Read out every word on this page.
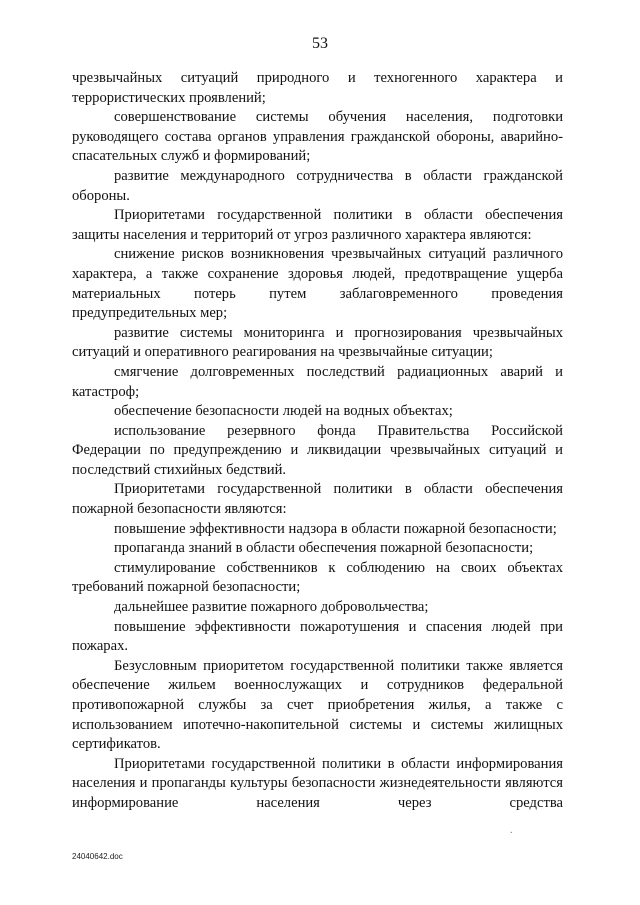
53

чрезвычайных ситуаций природного и техногенного характера и террористических проявлений;

совершенствование системы обучения населения, подготовки руководящего состава органов управления гражданской обороны, аварийно-спасательных служб и формирований;

развитие международного сотрудничества в области гражданской обороны.

Приоритетами государственной политики в области обеспечения защиты населения и территорий от угроз различного характера являются:

снижение рисков возникновения чрезвычайных ситуаций различного характера, а также сохранение здоровья людей, предотвращение ущерба материальных потерь путем заблаговременного проведения предупредительных мер;

развитие системы мониторинга и прогнозирования чрезвычайных ситуаций и оперативного реагирования на чрезвычайные ситуации;

смягчение долговременных последствий радиационных аварий и катастроф;

обеспечение безопасности людей на водных объектах;

использование резервного фонда Правительства Российской Федерации по предупреждению и ликвидации чрезвычайных ситуаций и последствий стихийных бедствий.

Приоритетами государственной политики в области обеспечения пожарной безопасности являются:

повышение эффективности надзора в области пожарной безопасности;

пропаганда знаний в области обеспечения пожарной безопасности;

стимулирование собственников к соблюдению на своих объектах требований пожарной безопасности;

дальнейшее развитие пожарного добровольчества;

повышение эффективности пожаротушения и спасения людей при пожарах.

Безусловным приоритетом государственной политики также является обеспечение жильем военнослужащих и сотрудников федеральной противопожарной службы за счет приобретения жилья, а также с использованием ипотечно-накопительной системы и системы жилищных сертификатов.

Приоритетами государственной политики в области информирования населения и пропаганды культуры безопасности жизнедеятельности являются информирование населения через средства

.
24040642.doc
